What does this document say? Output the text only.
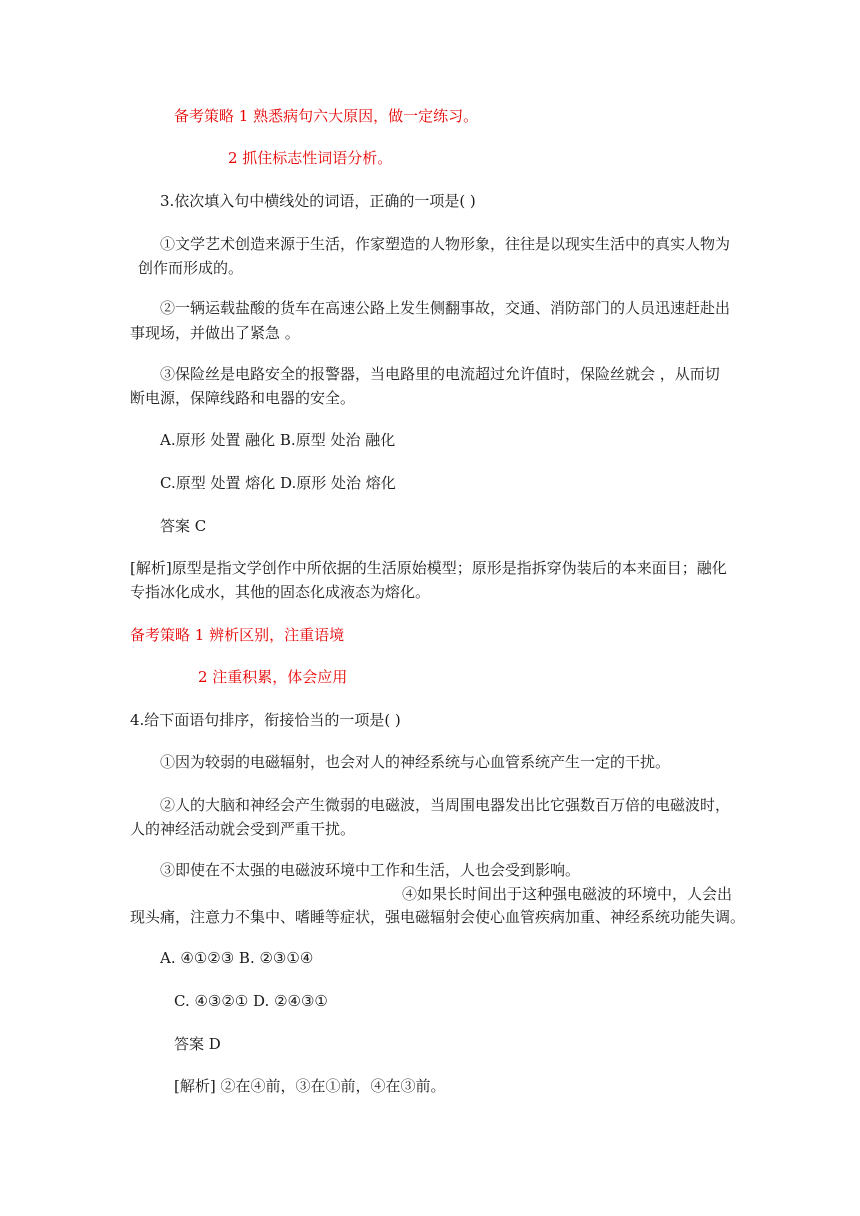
备考策略 1 熟悉病句六大原因，做一定练习。
2 抓住标志性词语分析。
3.依次填入句中横线处的词语，正确的一项是( )
①文学艺术创造来源于生活，作家塑造的人物形象，往往是以现实生活中的真实人物为
创作而形成的。
②一辆运载盐酸的货车在高速公路上发生侧翻事故，交通、消防部门的人员迅速赶赴出
事现场，并做出了紧急 。
③保险丝是电路安全的报警器，当电路里的电流超过允许值时，保险丝就会 ，从而切
断电源，保障线路和电器的安全。
A.原形 处置 融化 B.原型 处治 融化
C.原型 处置 熔化 D.原形 处治 熔化
答案 C
[解析]原型是指文学创作中所依据的生活原始模型；原形是指拆穿伪装后的本来面目；融化
专指冰化成水，其他的固态化成液态为熔化。
备考策略 1 辨析区别，注重语境
2 注重积累，体会应用
4.给下面语句排序，衔接恰当的一项是( )
①因为较弱的电磁辐射，也会对人的神经系统与心血管系统产生一定的干扰。
②人的大脑和神经会产生微弱的电磁波，当周围电器发出比它强数百万倍的电磁波时，
人的神经活动就会受到严重干扰。
③即使在不太强的电磁波环境中工作和生活，人也会受到影响。
④如果长时间出于这种强电磁波的环境中，人会出
现头痛，注意力不集中、嗜睡等症状，强电磁辐射会使心血管疾病加重、神经系统功能失调。
A. ④①②③ B. ②③①④
C. ④③②① D. ②④③①
答案 D
[解析] ②在④前，③在①前，④在③前。
